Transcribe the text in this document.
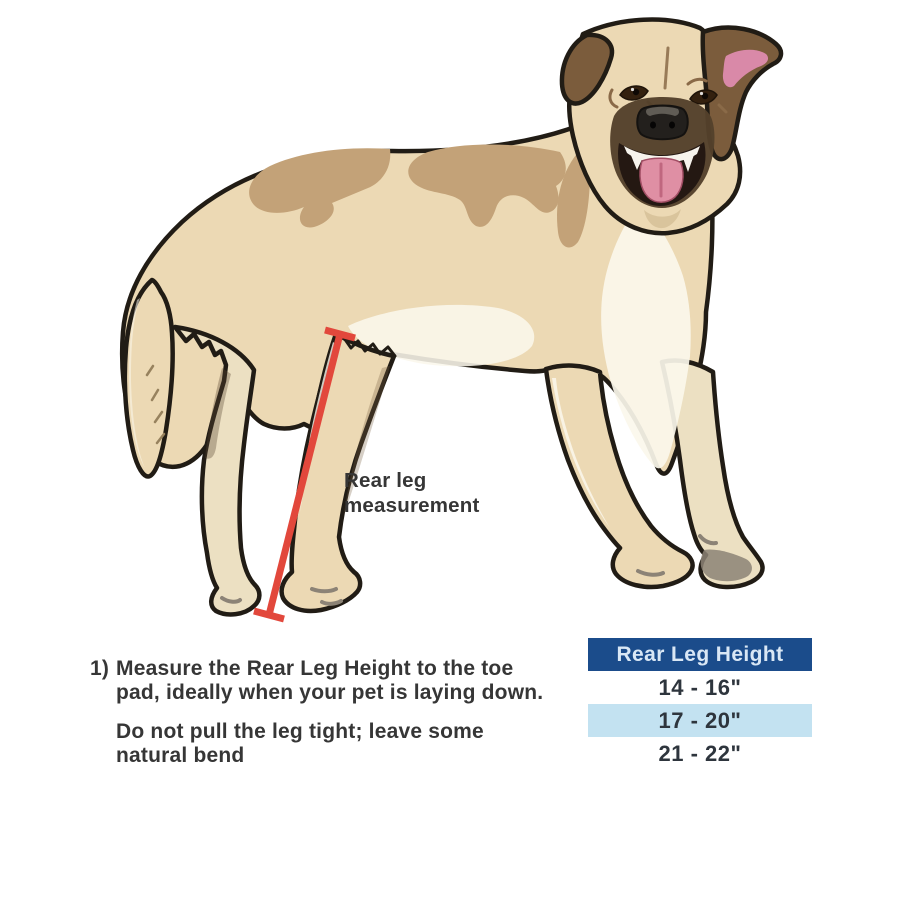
Rear leg measurement
1) Measure the Rear Leg Height to the toe
pad, ideally when your pet is laying down.
Do not pull the leg tight; leave some
natural bend
Rear Leg Height
14 - 16"
17 - 20"
21 - 22"
